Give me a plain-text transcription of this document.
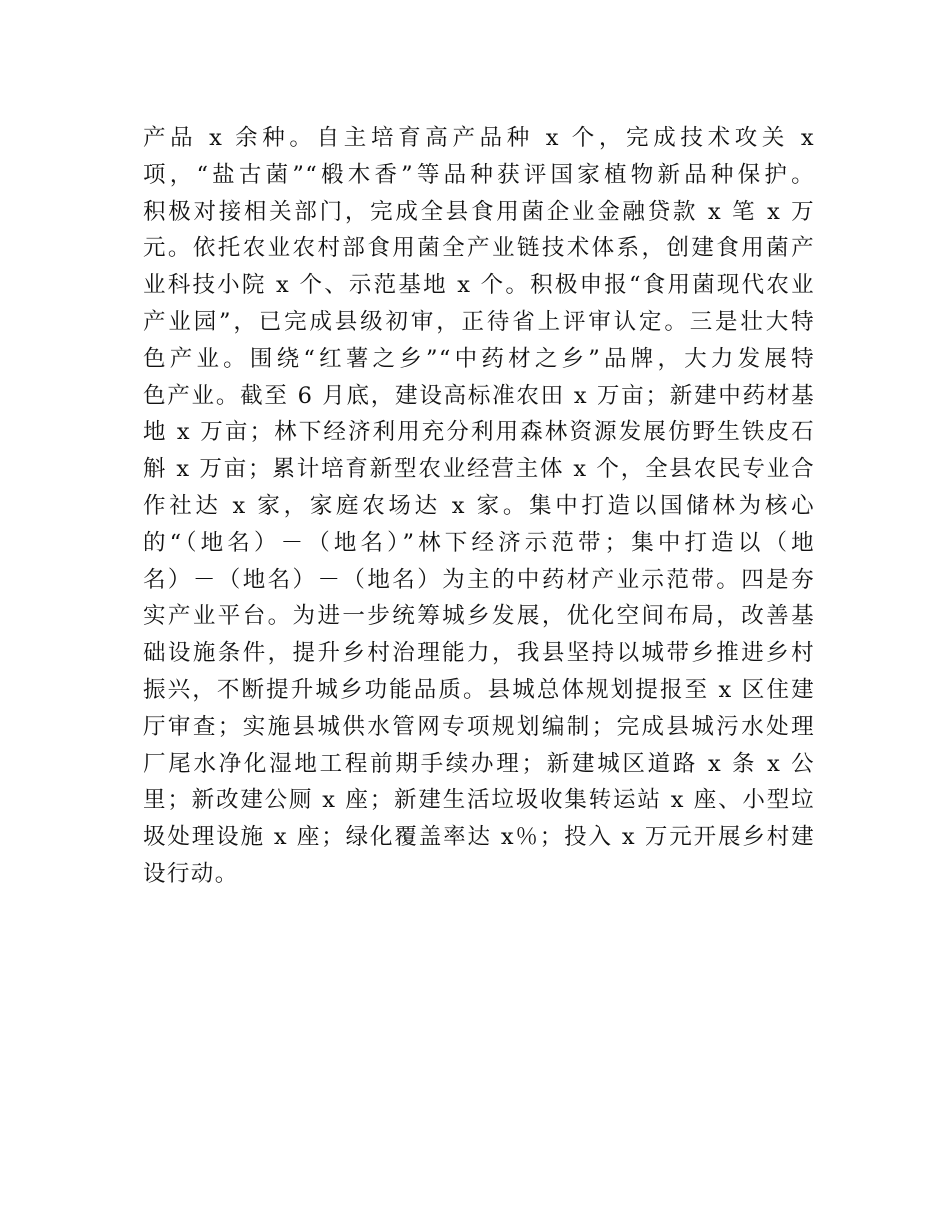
产品 x 余种。自主培育高产品种 x 个，完成技术攻关 x
项，“盐古菌”“椴木香”等品种获评国家植物新品种保护。
积极对接相关部门，完成全县食用菌企业金融贷款 x 笔 x 万
元。依托农业农村部食用菌全产业链技术体系，创建食用菌产
业科技小院 x 个、示范基地 x 个。积极申报“食用菌现代农业
产业园”，已完成县级初审，正待省上评审认定。三是壮大特
色产业。围绕“红薯之乡”“中药材之乡”品牌，大力发展特
色产业。截至 6 月底，建设高标准农田 x 万亩；新建中药材基
地 x 万亩；林下经济利用充分利用森林资源发展仿野生铁皮石
斛 x 万亩；累计培育新型农业经营主体 x 个，全县农民专业合
作社达 x 家，家庭农场达 x 家。集中打造以国储林为核心
的“（地名）－（地名）”林下经济示范带；集中打造以（地
名）－（地名）－（地名）为主的中药材产业示范带。四是夯
实产业平台。为进一步统筹城乡发展，优化空间布局，改善基
础设施条件，提升乡村治理能力，我县坚持以城带乡推进乡村
振兴，不断提升城乡功能品质。县城总体规划提报至 x 区住建
厅审查；实施县城供水管网专项规划编制；完成县城污水处理
厂尾水净化湿地工程前期手续办理；新建城区道路 x 条 x 公
里；新改建公厕 x 座；新建生活垃圾收集转运站 x 座、小型垃
圾处理设施 x 座；绿化覆盖率达 x％；投入 x 万元开展乡村建
设行动。
